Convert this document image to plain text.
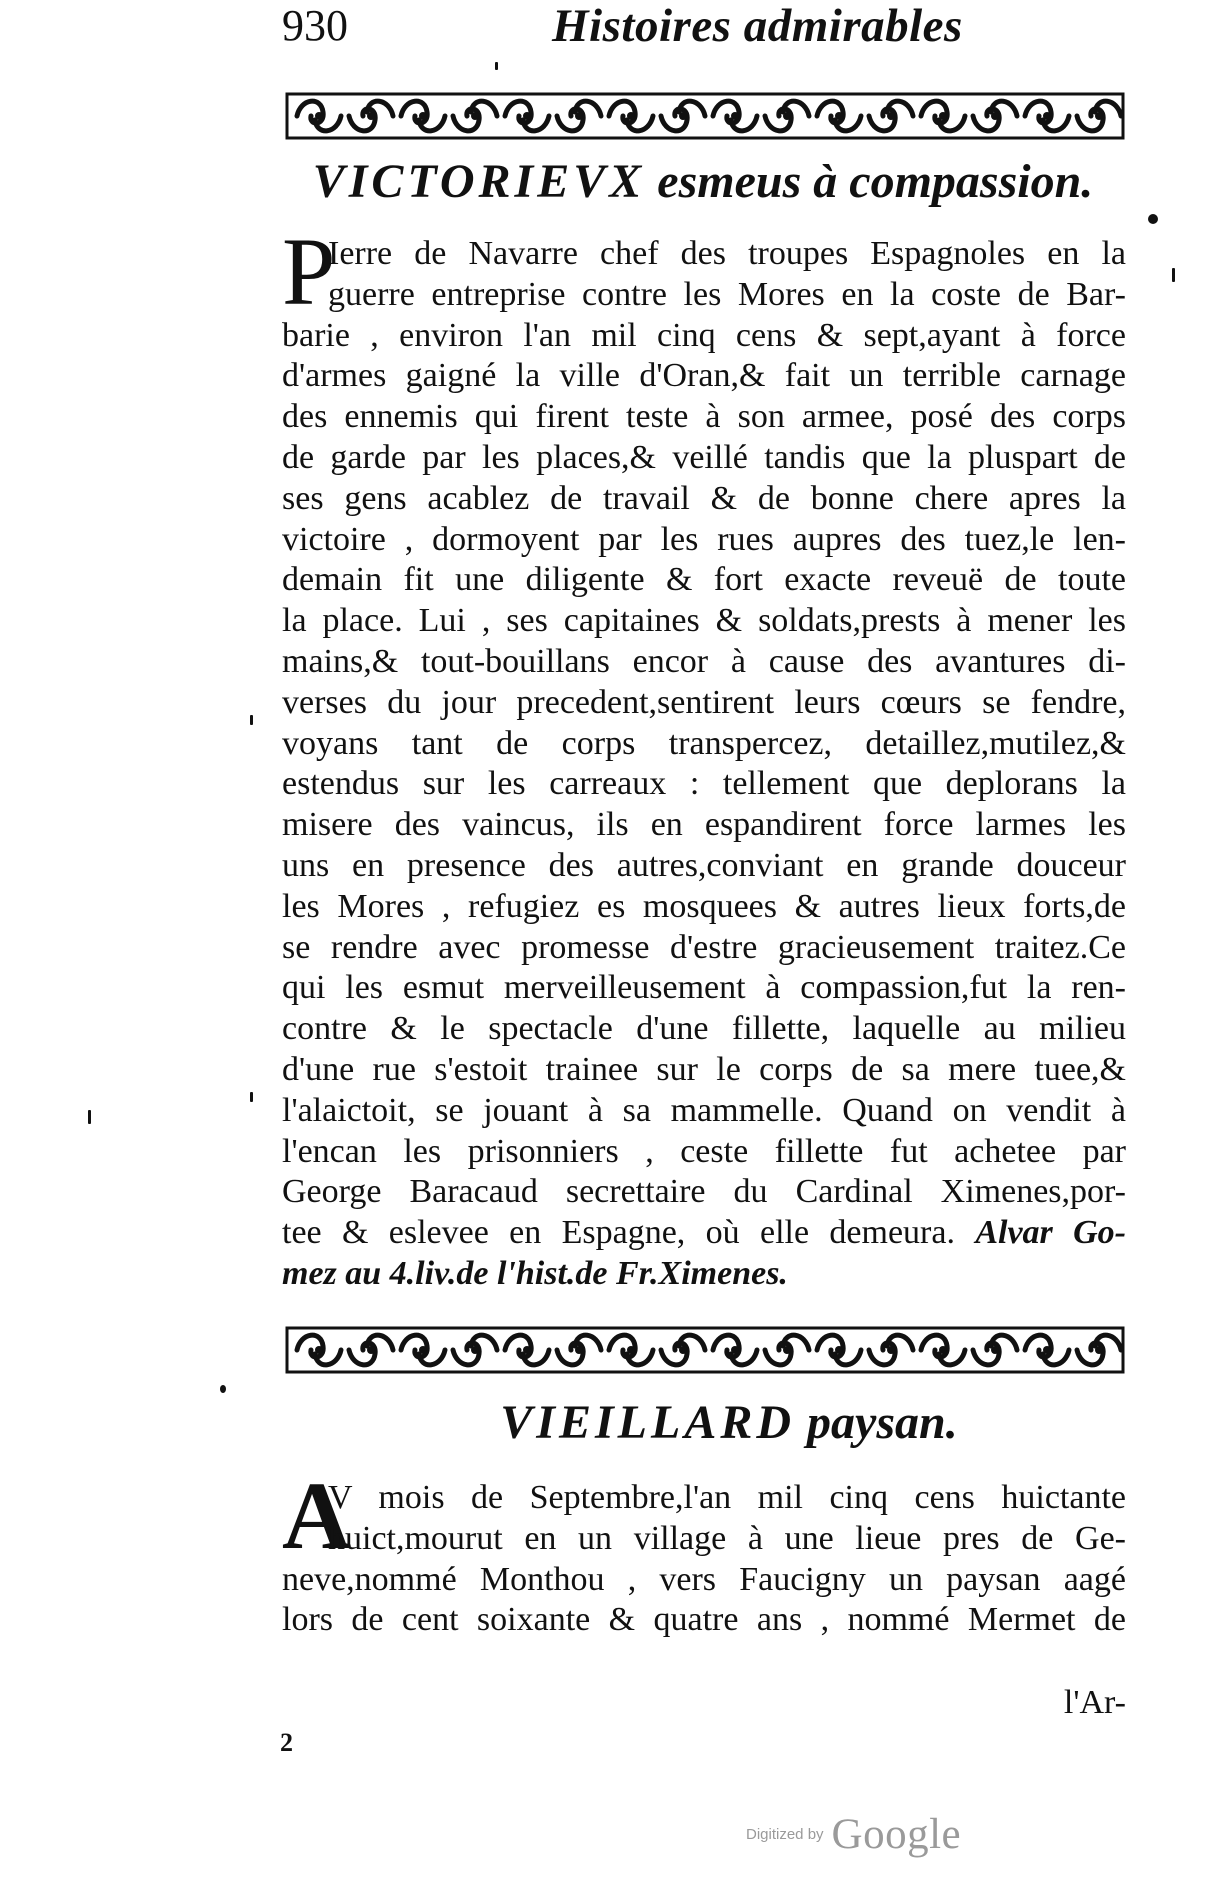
930	Histoires admirables
VICTORIEVX esmeus à compassion.
P
Ierre de Navarre chef des troupes Espagnoles en la
guerre entreprise contre les Mores en la coste de Bar-
barie , environ l'an mil cinq cens & sept,ayant à force
d'armes gaigné la ville d'Oran,& fait un terrible carnage
des ennemis qui firent teste à son armee, posé des corps
de garde par les places,& veillé tandis que la pluspart de
ses gens acablez de travail & de bonne chere apres la
victoire , dormoyent par les rues aupres des tuez,le len-
demain fit une diligente & fort exacte reveuë de toute
la place. Lui , ses capitaines & soldats,prests à mener les
mains,& tout-bouillans encor à cause des avantures di-
verses du jour precedent,sentirent leurs cœurs se fendre,
voyans tant de corps transpercez, detaillez,mutilez,&
estendus sur les carreaux : tellement que deplorans la
misere des vaincus, ils en espandirent force larmes les
uns en presence des autres,conviant en grande douceur
les Mores , refugiez es mosquees & autres lieux forts,de
se rendre avec promesse d'estre gracieusement traitez.Ce
qui les esmut merveilleusement à compassion,fut la ren-
contre & le spectacle d'une fillette, laquelle au milieu
d'une rue s'estoit trainee sur le corps de sa mere tuee,&
l'alaictoit, se jouant à sa mammelle. Quand on vendit à
l'encan les prisonniers , ceste fillette fut achetee par
George Baracaud secrettaire du Cardinal Ximenes,por-
tee & eslevee en Espagne, où elle demeura. Alvar Go-
mez au 4.liv.de l'hist.de Fr.Ximenes.
VIEILLARD paysan.
A
V mois de Septembre,l'an mil cinq cens huictante
huict,mourut en un village à une lieue pres de Ge-
neve,nommé Monthou , vers Faucigny un paysan aagé
lors de cent soixante & quatre ans , nommé Mermet de
l'Ar-
2
Digitized by Google
